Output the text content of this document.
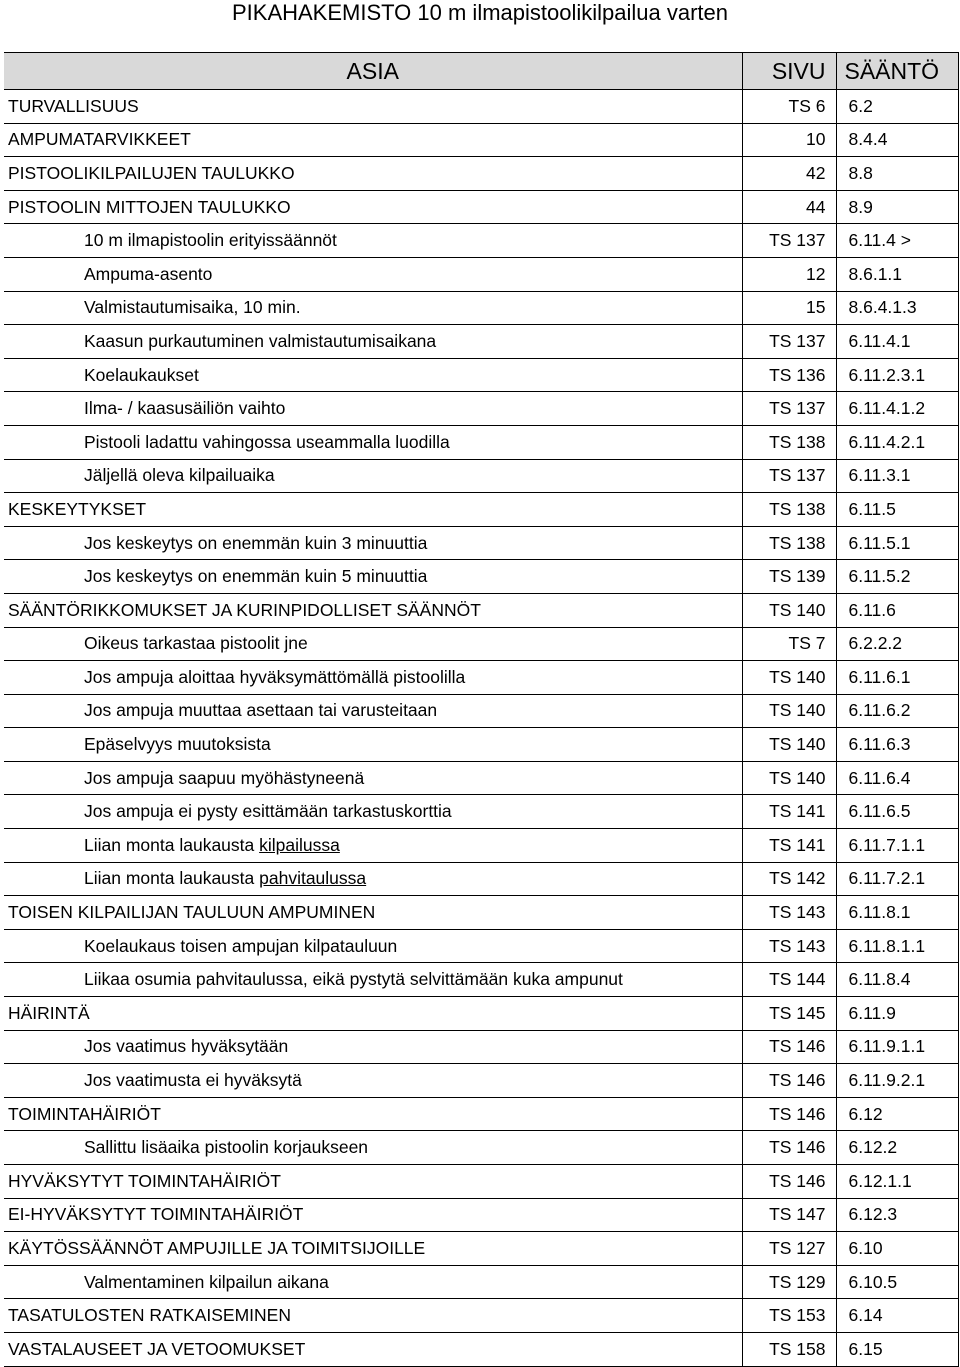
PIKAHAKEMISTO 10 m ilmapistoolikilpailua varten
ASIA	SIVU	SÄÄNTÖ
TURVALLISUUS	TS 6	6.2
AMPUMATARVIKKEET	10	8.4.4
PISTOOLIKILPAILUJEN TAULUKKO	42	8.8
PISTOOLIN MITTOJEN TAULUKKO	44	8.9
10 m ilmapistoolin erityissäännöt	TS 137	6.11.4 >
Ampuma-asento	12	8.6.1.1
Valmistautumisaika, 10 min.	15	8.6.4.1.3
Kaasun purkautuminen valmistautumisaikana	TS 137	6.11.4.1
Koelaukaukset	TS 136	6.11.2.3.1
Ilma- / kaasusäiliön vaihto	TS 137	6.11.4.1.2
Pistooli ladattu vahingossa useammalla luodilla	TS 138	6.11.4.2.1
Jäljellä oleva kilpailuaika	TS 137	6.11.3.1
KESKEYTYKSET	TS 138	6.11.5
Jos keskeytys on enemmän kuin 3 minuuttia	TS 138	6.11.5.1
Jos keskeytys on enemmän kuin 5 minuuttia	TS 139	6.11.5.2
SÄÄNTÖRIKKOMUKSET JA KURINPIDOLLISET SÄÄNNÖT	TS 140	6.11.6
Oikeus tarkastaa pistoolit jne	TS 7	6.2.2.2
Jos ampuja aloittaa hyväksymättömällä pistoolilla	TS 140	6.11.6.1
Jos ampuja muuttaa asettaan tai varusteitaan	TS 140	6.11.6.2
Epäselvyys muutoksista	TS 140	6.11.6.3
Jos ampuja saapuu myöhästyneenä	TS 140	6.11.6.4
Jos ampuja ei pysty esittämään tarkastuskorttia	TS 141	6.11.6.5
Liian monta laukausta kilpailussa	TS 141	6.11.7.1.1
Liian monta laukausta pahvitaulussa	TS 142	6.11.7.2.1
TOISEN KILPAILIJAN TAULUUN AMPUMINEN	TS 143	6.11.8.1
Koelaukaus toisen ampujan kilpatauluun	TS 143	6.11.8.1.1
Liikaa osumia pahvitaulussa, eikä pystytä selvittämään kuka ampunut	TS 144	6.11.8.4
HÄIRINTÄ	TS 145	6.11.9
Jos vaatimus hyväksytään	TS 146	6.11.9.1.1
Jos vaatimusta ei hyväksytä	TS 146	6.11.9.2.1
TOIMINTAHÄIRIÖT	TS 146	6.12
Sallittu lisäaika pistoolin korjaukseen	TS 146	6.12.2
HYVÄKSYTYT TOIMINTAHÄIRIÖT	TS 146	6.12.1.1
EI-HYVÄKSYTYT TOIMINTAHÄIRIÖT	TS 147	6.12.3
KÄYTÖSSÄÄNNÖT AMPUJILLE JA TOIMITSIJOILLE	TS 127	6.10
Valmentaminen kilpailun aikana	TS 129	6.10.5
TASATULOSTEN RATKAISEMINEN	TS 153	6.14
VASTALAUSEET JA VETOOMUKSET	TS 158	6.15
